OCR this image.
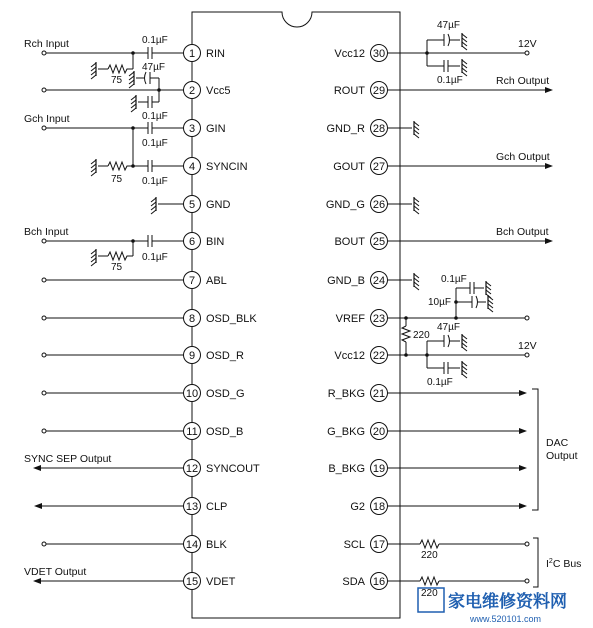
1 RIN
2 Vcc5
3 GIN
4 SYNCIN
5 GND
6 BIN
7 ABL
8 OSD_BLK
9 OSD_R
10 OSD_G
11 OSD_B
12 SYNCOUT
13 CLP
14 BLK
15 VDET
30
Vcc12
29
ROUT
28
GND_R
27
GOUT
26
GND_G
25
BOUT
24
GND_B
23
VREF
22
Vcc12
21
R_BKG
20
G_BKG
19
B_BKG
18
G2
17
SCL
16
SDA
Rch Input	0.1µF
75
47µF
0.1µF
Gch Input
0.1µF
75 0.1µF
Bch Input
0.1µF
75
SYNC SEP Output
VDET Output
47µF
0.1µF
12V
Rch Output
Gch Output
Bch Output
0.1µF
10µF
220
47µF
0.1µF
12V
DAC
Output
220
220
$I^2C$ Bus
家电维修资料网
www.520101.com
